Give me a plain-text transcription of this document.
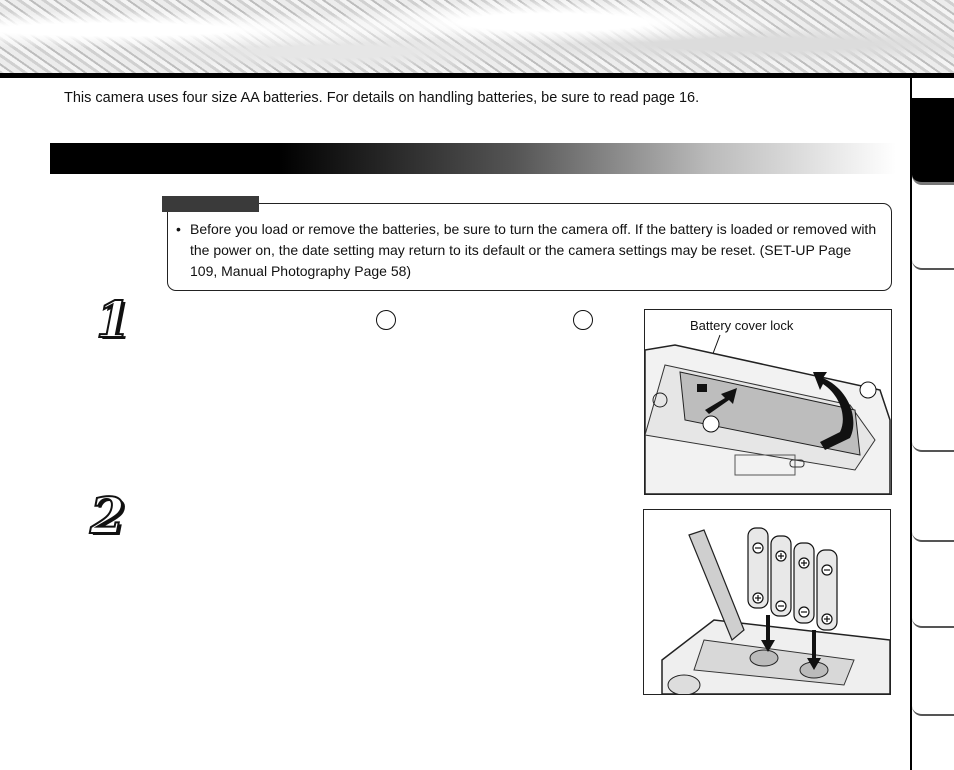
This camera uses four size AA batteries. For details on handling batteries, be sure to read page 16.

• Before you load or remove the batteries, be sure to turn the camera off. If the battery is loaded or removed with the power on, the date setting may return to its default or the camera settings may be reset. (SET-UP Page 109, Manual Photography Page 58)

1
2
Battery cover lock
